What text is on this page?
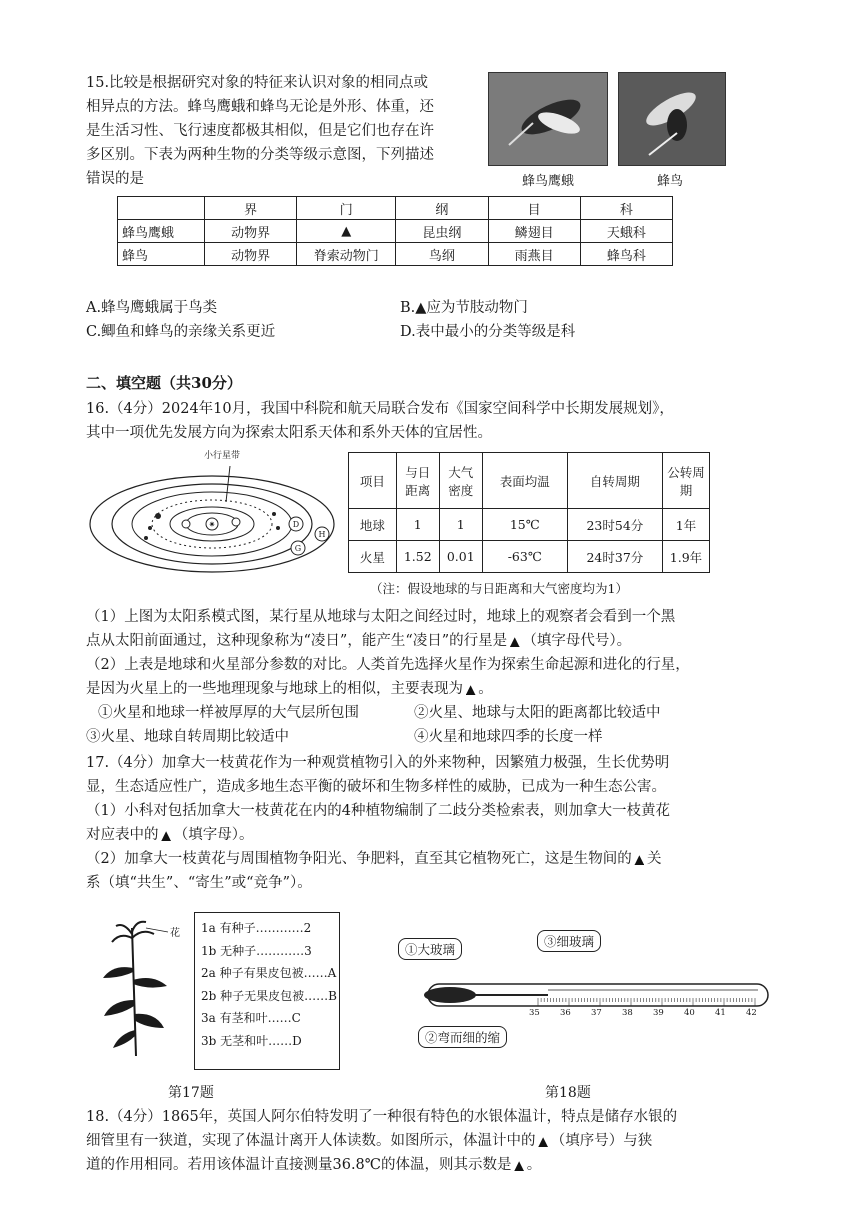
15.比较是根据研究对象的特征来认识对象的相同点或
相异点的方法。蜂鸟鹰蛾和蜂鸟无论是外形、体重，还
是生活习性、飞行速度都极其相似，但是它们也存在许
多区别。下表为两种生物的分类等级示意图，下列描述
错误的是	蜂鸟鹰蛾	蜂鸟
	界	门	纲	目	科
蜂鸟鹰蛾	动物界	▲	昆虫纲	鳞翅目	天蛾科
蜂鸟	动物界	脊索动物门	鸟纲	雨燕目	蜂鸟科
A.蜂鸟鹰蛾属于鸟类	B.▲应为节肢动物门
C.鲫鱼和蜂鸟的亲缘关系更近	D.表中最小的分类等级是科
二、填空题（共30分）
16.（4分）2024年10月，我国中科院和航天局联合发布《国家空间科学中长期发展规划》，
其中一项优先发展方向为探索太阳系天体和系外天体的宜居性。
✷
小行星带
D
H
G
项目	与日距离	大气密度	表面均温	自转周期	公转周期
地球	1	1	15℃	23时54分	1年
火星	1.52	0.01	-63℃	24时37分	1.9年
（注：假设地球的与日距离和大气密度均为1）
（1）上图为太阳系模式图，某行星从地球与太阳之间经过时，地球上的观察者会看到一个黑
点从太阳前面通过，这种现象称为“凌日”，能产生“凌日”的行星是 ▲ （填字母代号）。
（2）上表是地球和火星部分参数的对比。人类首先选择火星作为探索生命起源和进化的行星，
是因为火星上的一些地理现象与地球上的相似，主要表现为 ▲ 。
①火星和地球一样被厚厚的大气层所包围	②火星、地球与太阳的距离都比较适中
③火星、地球自转周期比较适中	④火星和地球四季的长度一样
17.（4分）加拿大一枝黄花作为一种观赏植物引入的外来物种，因繁殖力极强，生长优势明
显，生态适应性广，造成多地生态平衡的破坏和生物多样性的威胁，已成为一种生态公害。
（1）小科对包括加拿大一枝黄花在内的4种植物编制了二歧分类检索表，则加拿大一枝黄花
对应表中的 ▲ （填字母）。
（2）加拿大一枝黄花与周围植物争阳光、争肥料，直至其它植物死亡，这是生物间的 ▲ 关
系（填“共生”、“寄生”或“竞争”）。
花 1a 有种子…………2
1b 无种子…………3
2a 种子有果皮包被……A
2b 种子无果皮包被……B
3a 有茎和叶……C
3b 无茎和叶……D
①大玻璃
③细玻璃
②弯而细的缩
35 36 37 38 39 40 41 42
第17题	第18题
18.（4分）1865年，英国人阿尔伯特发明了一种很有特色的水银体温计，特点是储存水银的
细管里有一狭道，实现了体温计离开人体读数。如图所示，体温计中的 ▲ （填序号）与狭
道的作用相同。若用该体温计直接测量36.8℃的体温，则其示数是 ▲ 。
